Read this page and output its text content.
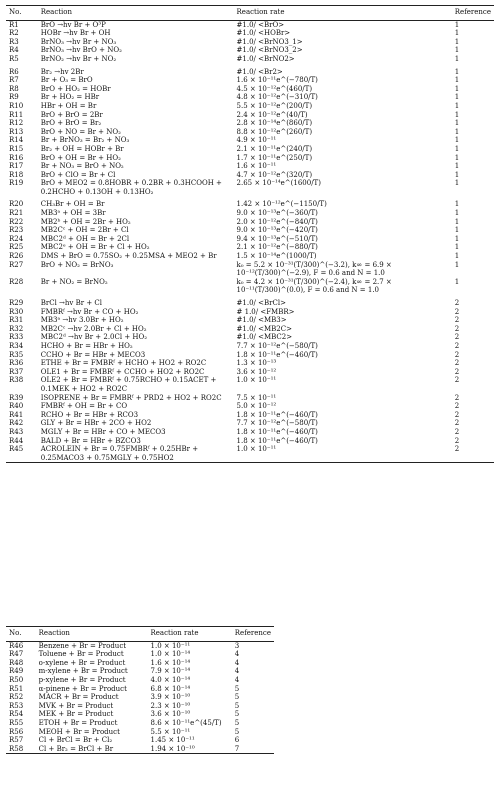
No.	Reaction	Reaction rate	Reference
R1	BrO →hv Br + O³P	#1.0/ <BrO>	1
R2	HOBr →hv Br + OH	#1.0/ <HOBr>	1
R3	BrNO₃ →hv Br + NO₃	#1.0/ <BrNO3_1>	1
R4	BrNO₃ →hv BrO + NO₂	#1.0/ <BrNO3_2>	1
R5	BrNO₂ →hv Br + NO₂	#1.0/ <BrNO2>	1
R6	Br₂ →hv 2Br	#1.0/ <Br2>	1
R7	Br + O₃ = BrO	1.6 × 10⁻¹¹e^(−780/T)	1
R8	BrO + HO₂ = HOBr	4.5 × 10⁻¹²e^(460/T)	1
R9	Br + HO₂ = HBr	4.8 × 10⁻¹²e^(−310/T)	1
R10	HBr + OH = Br	5.5 × 10⁻¹²e^(200/T)	1
R11	BrO + BrO = 2Br	2.4 × 10⁻¹²e^(40/T)	1
R12	BrO + BrO = Br₂	2.8 × 10⁻¹⁴e^(860/T)	1
R13	BrO + NO = Br + NO₂	8.8 × 10⁻¹²e^(260/T)	1
R14	Br + BrNO₃ = Br₂ + NO₃	4.9 × 10⁻¹¹	1
R15	Br₂ + OH = HOBr + Br	2.1 × 10⁻¹¹e^(240/T)	1
R16	BrO + OH = Br + HO₂	1.7 × 10⁻¹¹e^(250/T)	1
R17	Br + NO₃ = BrO + NO₂	1.6 × 10⁻¹¹	1
R18	BrO + ClO = Br + Cl	4.7 × 10⁻¹²e^(320/T)	1
R19	BrO + MEO2 = 0.8HOBR + 0.2BR + 0.3HCOOH + 0.2HCHO + 0.13OH + 0.13HO₂	2.65 × 10⁻¹⁴e^(1600/T)	1
R20	CH₃Br + OH = Br	1.42 × 10⁻¹²e^(−1150/T)	1
R21	MB3ᵃ + OH = 3Br	9.0 × 10⁻¹³e^(−360/T)	1
R22	MB2ᵇ + OH = 2Br + HO₂	2.0 × 10⁻¹²e^(−840/T)	1
R23	MB2Cᶜ + OH = 2Br + Cl	9.0 × 10⁻¹³e^(−420/T)	1
R24	MBC2ᵈ + OH = Br + 2Cl	9.4 × 10⁻¹³e^(−510/T)	1
R25	MBC2ᵉ + OH = Br + Cl + HO₂	2.1 × 10⁻¹²e^(−880/T)	1
R26	DMS + BrO = 0.75SO₂ + 0.25MSA + MEO2 + Br	1.5 × 10⁻¹⁴e^(1000/T)	1
R27	BrO + NO₂ = BrNO₃	k₀ = 5.2 × 10⁻³¹(T/300)^(−3.2), k∞ = 6.9 × 10⁻¹²(T/300)^(−2.9), F = 0.6 and N = 1.0	1
R28	Br + NO₂ = BrNO₂	k₀ = 4.2 × 10⁻³¹(T/300)^(−2.4), k∞ = 2.7 × 10⁻¹¹(T/300)^(0.0), F = 0.6 and N = 1.0	1
R29	BrCl →hv Br + Cl	#1.0/ <BrCl>	2
R30	FMBRᶠ →hv Br + CO + HO₂	# 1.0/ <FMBR>	2
R31	MB3ᵃ →hv 3.0Br + HO₂	#1.0/ <MB3>	2
R32	MB2Cᶜ →hv 2.0Br + Cl + HO₂	#1.0/ <MB2C>	2
R33	MBC2ᵈ →hv Br + 2.0Cl + HO₂	#1.0/ <MBC2>	2
R34	HCHO + Br = HBr + HO₂	7.7 × 10⁻¹²e^(−580/T)	2
R35	CCHO + Br = HBr + MECO3	1.8 × 10⁻¹¹e^(−460/T)	2
R36	ETHE + Br = FMBRᶠ + HCHO + HO2 + RO2C	1.3 × 10⁻¹³	2
R37	OLE1 + Br = FMBRᶠ + CCHO + HO2 + RO2C	3.6 × 10⁻¹²	2
R38	OLE2 + Br = FMBRᶠ + 0.75RCHO + 0.15ACET + 0.1MEK + HO2 + RO2C	1.0 × 10⁻¹¹	2
R39	ISOPRENE + Br = FMBRᶠ + PRD2 + HO2 + RO2C	7.5 × 10⁻¹¹	2
R40	FMBRᶠ + OH = Br + CO	5.0 × 10⁻¹²	2
R41	RCHO + Br = HBr + RCO3	1.8 × 10⁻¹¹e^(−460/T)	2
R42	GLY + Br = HBr + 2CO + HO2	7.7 × 10⁻¹²e^(−580/T)	2
R43	MGLY + Br = HBr + CO + MECO3	1.8 × 10⁻¹¹e^(−460/T)	2
R44	BALD + Br = HBr + BZCO3	1.8 × 10⁻¹¹e^(−460/T)	2
R45	ACROLEIN + Br = 0.75FMBRᶠ + 0.25HBr + 0.25MACO3 + 0.75MGLY + 0.75HO2	1.0 × 10⁻¹¹	2
No.	Reaction	Reaction rate	Reference
R46	Benzene + Br = Product	1.0 × 10⁻¹¹	3
R47	Toluene + Br = Product	1.0 × 10⁻¹⁴	4
R48	o-xylene + Br = Product	1.6 × 10⁻¹⁴	4
R49	m-xylene + Br = Product	7.9 × 10⁻¹⁴	4
R50	p-xylene + Br = Product	4.0 × 10⁻¹⁴	4
R51	α-pinene + Br = Product	6.8 × 10⁻¹⁴	5
R52	MACR + Br = Product	3.9 × 10⁻¹⁰	5
R53	MVK + Br = Product	2.3 × 10⁻¹⁰	5
R54	MEK + Br = Product	3.6 × 10⁻¹⁰	5
R55	ETOH + Br = Product	8.6 × 10⁻¹¹e^(45/T)	5
R56	MEOH + Br = Product	5.5 × 10⁻¹¹	5
R57	Cl + BrCl = Br + Cl₂	1.45 × 10⁻¹¹	6
R58	Cl + Br₂ = BrCl + Br	1.94 × 10⁻¹⁰	7
